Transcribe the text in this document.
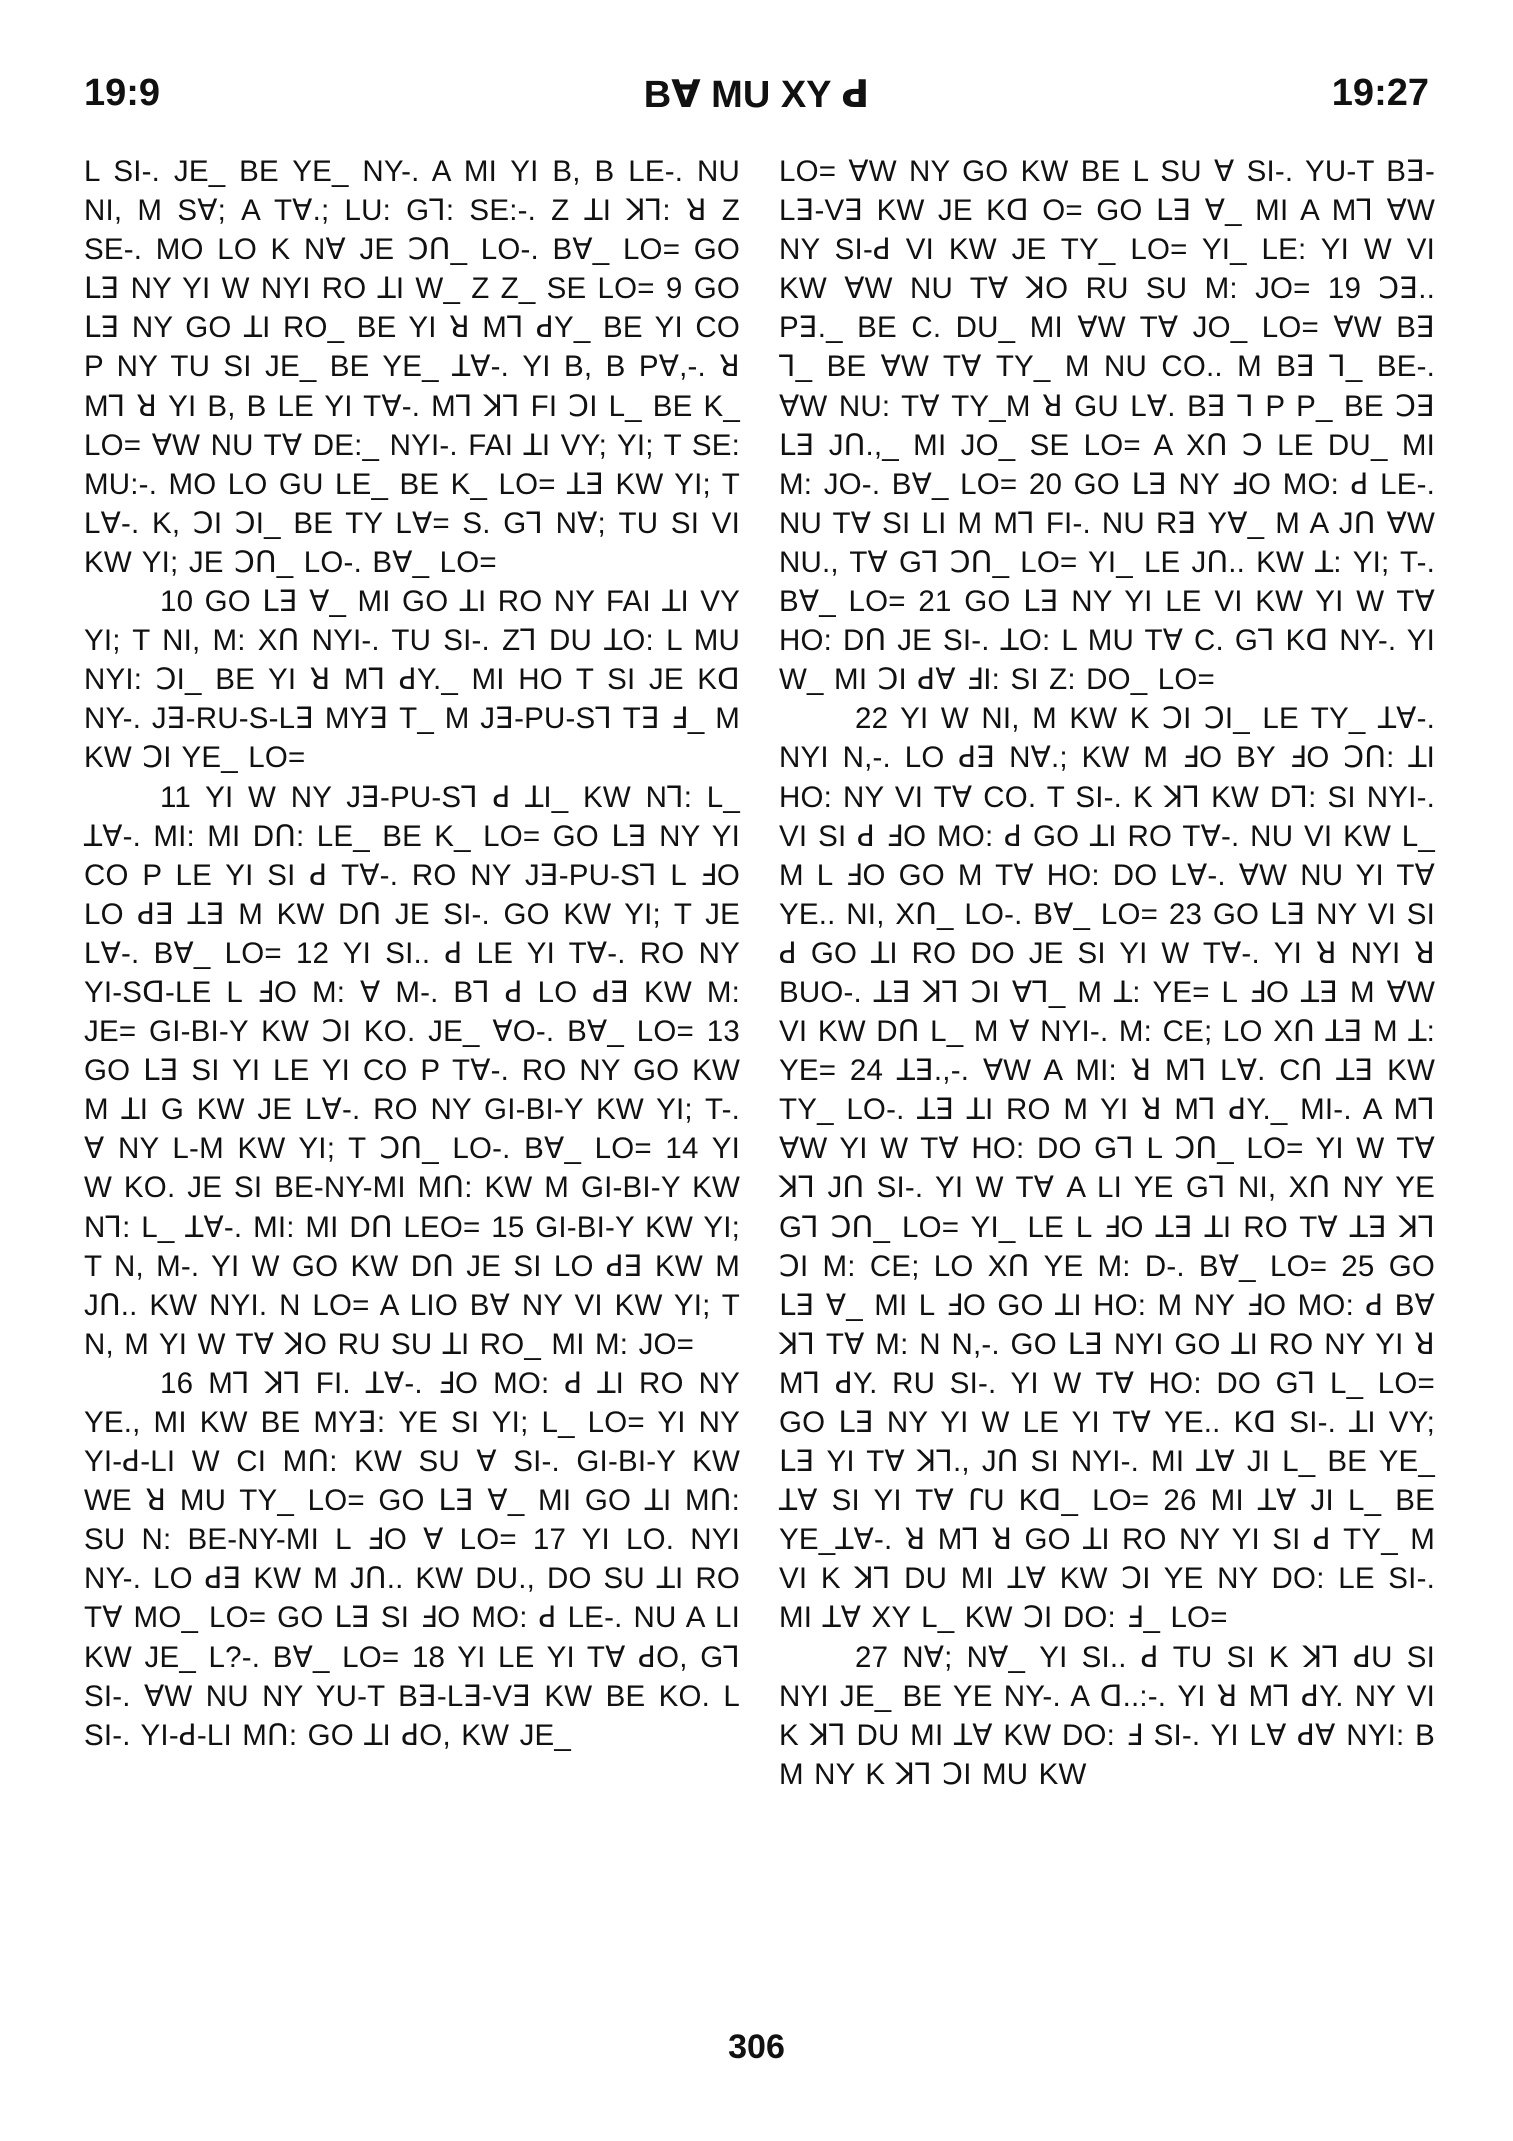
19:9	Bꓯ MU XY ꓒ	19:27

L SI-. JE_ BE YE_ NY-. A MI YI B, B LE-. NU NI, M Sꓯ; A Tꓯ.; LU: Gꓶ: SE:-. Z ꓕI ꓘꓶ: ꓤ Z SE-. MO LO K Nꓯ JE ꓛꓵ_ LO-. Bꓯ_ LO= GO ꓡꓱ NY YI W NYI RO ꓕI W_ Z Z_ SE LO= 9 GO ꓡꓱ NY GO ꓕI RO_ BE YI ꓤ Mꓶ ꓒY_ BE YI CO P NY TU SI JE_ BE YE_ ꓕꓯ-. YI B, B Pꓯ,-. ꓤ Mꓶ ꓤ YI B, B LE YI Tꓯ-. Mꓶ ꓘꓶ FI ꓛI L_ BE K_ LO= ꓯW NU Tꓯ DE:_ NYI-. FAI ꓕI VY; YI; T SE: MU:-. MO LO GU LE_ BE K_ LO= ꓕꓱ KW YI; T Lꓯ-. K, ꓛI ꓛI_ BE TY Lꓯ= S. Gꓶ Nꓯ; TU SI VI KW YI; JE ꓛꓵ_ LO-. Bꓯ_ LO=

10 GO ꓡꓱ ꓯ_ MI GO ꓕI RO NY FAI ꓕI VY YI; T NI, M: Xꓵ NYI-. TU SI-. Zꓶ DU ꓕO: L MU NYI: ꓛI_ BE YI ꓤ Mꓶ ꓒY._ MI HO T SI JE Kꓷ NY-. Jꓱ-RU-S-Lꓱ MYꓱ T_ M Jꓱ-PU-Sꓶ Tꓱ ꓞ_ M KW ꓛI YE_ LO=

11 YI W NY Jꓱ-PU-Sꓶ ꓒ ꓕI_ KW Nꓶ: L_ ꓕꓯ-. MI: MI Dꓵ: LE_ BE K_ LO= GO ꓡꓱ NY YI CO P LE YI SI ꓒ Tꓯ-. RO NY Jꓱ-PU-Sꓶ L ꓞO LO ꓒꓱ ꓕꓱ M KW Dꓵ JE SI-. GO KW YI; T JE Lꓯ-. Bꓯ_ LO= 12 YI SI.. ꓒ LE YI Tꓯ-. RO NY YI-Sꓷ-LE L ꓞO M: ꓯ M-. Bꓶ ꓒ LO ꓒꓱ KW M: JE= GI-BI-Y KW ꓛI KO. JE_ ꓯO-. Bꓯ_ LO= 13 GO ꓡꓱ SI YI LE YI CO P Tꓯ-. RO NY GO KW M ꓕI G KW JE Lꓯ-. RO NY GI-BI-Y KW YI; T-. ꓯ NY L-M KW YI; T ꓛꓵ_ LO-. Bꓯ_ LO= 14 YI W KO. JE SI BE-NY-MI Mꓵ: KW M GI-BI-Y KW Nꓶ: L_ ꓕꓯ-. MI: MI Dꓵ LEO= 15 GI-BI-Y KW YI; T N, M-. YI W GO KW Dꓵ JE SI LO ꓒꓱ KW M Jꓵ.. KW NYI. N LO= A LIO Bꓯ NY VI KW YI; T N, M YI W Tꓯ ꓘO RU SU ꓕI RO_ MI M: JO=

16 Mꓶ ꓘꓶ FI. ꓕꓯ-. ꓞO MO: ꓒ ꓕI RO NY YE., MI KW BE MYꓱ: YE SI YI; L_ LO= YI NY YI-ꓒ-LI W CI Mꓵ: KW SU ꓯ SI-. GI-BI-Y KW WE ꓤ MU TY_ LO= GO ꓡꓱ ꓯ_ MI GO ꓕI Mꓵ: SU N: BE-NY-MI L ꓞO ꓯ LO= 17 YI LO. NYI NY-. LO ꓒꓱ KW M Jꓵ.. KW DU., DO SU ꓕI RO Tꓯ MO_ LO= GO ꓡꓱ SI ꓞO MO: ꓒ LE-. NU A LI KW JE_ L?-. Bꓯ_ LO= 18 YI LE YI Tꓯ ꓒO, Gꓶ SI-. ꓯW NU NY YU-T Bꓱ-Lꓱ-Vꓱ KW BE KO. L SI-. YI-ꓒ-LI Mꓵ: GO ꓕI ꓒO, KW JE_

LO= ꓯW NY GO KW BE L SU ꓯ SI-. YU-T Bꓱ-Lꓱ-Vꓱ KW JE Kꓷ O= GO ꓡꓱ ꓯ_ MI A Mꓶ ꓯW NY SI-ꓒ VI KW JE TY_ LO= YI_ LE: YI W VI KW ꓯW NU Tꓯ ꓘO RU SU M: JO= 19 ꓛꓱ.. Pꓱ._ BE C. DU_ MI ꓯW Tꓯ JO_ LO= ꓯW Bꓱ ꓶ_ BE ꓯW Tꓯ TY_ M NU CO.. M Bꓱ ꓶ_ BE-. ꓯW NU: Tꓯ TY_M ꓤ GU Lꓯ. Bꓱ ꓶ P P_ BE ꓛꓱ ꓡꓱ Jꓵ.,_ MI JO_ SE LO= A Xꓵ ꓛ LE DU_ MI M: JO-. Bꓯ_ LO= 20 GO ꓡꓱ NY ꓞO MO: ꓒ LE-. NU Tꓯ SI LI M Mꓶ FI-. NU Rꓱ Yꓯ_ M A Jꓵ ꓯW NU., Tꓯ Gꓶ ꓛꓵ_ LO= YI_ LE Jꓵ.. KW ꓕ: YI; T-. Bꓯ_ LO= 21 GO ꓡꓱ NY YI LE VI KW YI W Tꓯ HO: Dꓵ JE SI-. ꓕO: L MU Tꓯ C. Gꓶ Kꓷ NY-. YI W_ MI ꓛI ꓒꓯ ꓞI: SI Z: DO_ LO=

22 YI W NI, M KW K ꓛI ꓛI_ LE TY_ ꓕꓯ-. NYI N,-. LO ꓒꓱ Nꓯ.; KW M ꓞO BY ꓞO ꓛꓵ: ꓕI HO: NY VI Tꓯ CO. T SI-. K ꓘꓶ KW Dꓶ: SI NYI-. VI SI ꓒ ꓞO MO: ꓒ GO ꓕI RO Tꓯ-. NU VI KW L_ M L ꓞO GO M Tꓯ HO: DO Lꓯ-. ꓯW NU YI Tꓯ YE.. NI, Xꓵ_ LO-. Bꓯ_ LO= 23 GO ꓡꓱ NY VI SI ꓒ GO ꓕI RO DO JE SI YI W Tꓯ-. YI ꓤ NYI ꓤ BUO-. ꓕꓱ ꓘꓶ ꓛI ꓯꓶ_ M ꓕ: YE= L ꓞO ꓕꓱ M ꓯW VI KW Dꓵ L_ M ꓯ NYI-. M: CE; LO Xꓵ ꓕꓱ M ꓕ: YE= 24 ꓕꓱ.,-. ꓯW A MI: ꓤ Mꓶ Lꓯ. Cꓵ ꓕꓱ KW TY_ LO-. ꓕꓱ ꓕI RO M YI ꓤ Mꓶ ꓒY._ MI-. A Mꓶ ꓯW YI W Tꓯ HO: DO Gꓶ L ꓛꓵ_ LO= YI W Tꓯ ꓘꓶ Jꓵ SI-. YI W Tꓯ A LI YE Gꓶ NI, Xꓵ NY YE Gꓶ ꓛꓵ_ LO= YI_ LE L ꓞO ꓕꓱ ꓕI RO Tꓯ ꓕꓱ ꓘꓶ ꓛI M: CE; LO Xꓵ YE M: D-. Bꓯ_ LO= 25 GO ꓡꓱ ꓯ_ MI L ꓞO GO ꓕI HO: M NY ꓞO MO: ꓒ Bꓯ ꓘꓶ Tꓯ M: N N,-. GO ꓡꓱ NYI GO ꓕI RO NY YI ꓤ Mꓶ ꓒY. RU SI-. YI W Tꓯ HO: DO Gꓶ L_ LO= GO ꓡꓱ NY YI W LE YI Tꓯ YE.. Kꓷ SI-. ꓕI VY; ꓡꓱ YI Tꓯ ꓘꓶ., Jꓵ SI NYI-. MI ꓕꓯ JI L_ BE YE_ ꓕꓯ SI YI Tꓯ ꓩU Kꓷ_ LO= 26 MI ꓕꓯ JI L_ BE YE_ꓕꓯ-. ꓤ Mꓶ ꓤ GO ꓕI RO NY YI SI ꓒ TY_ M VI K ꓘꓶ DU MI ꓕꓯ KW ꓛI YE NY DO: LE SI-. MI ꓕꓯ XY L_ KW ꓛI DO: ꓞ_ LO=

27 Nꓯ; Nꓯ_ YI SI.. ꓒ TU SI K ꓘꓶ ꓒU SI NYI JE_ BE YE NY-. A ꓷ..:-. YI ꓤ Mꓶ ꓒY. NY VI K ꓘꓶ DU MI ꓕꓯ KW DO: ꓞ SI-. YI Lꓯ ꓒꓯ NYI: B M NY K ꓘꓶ ꓛI MU KW

306
